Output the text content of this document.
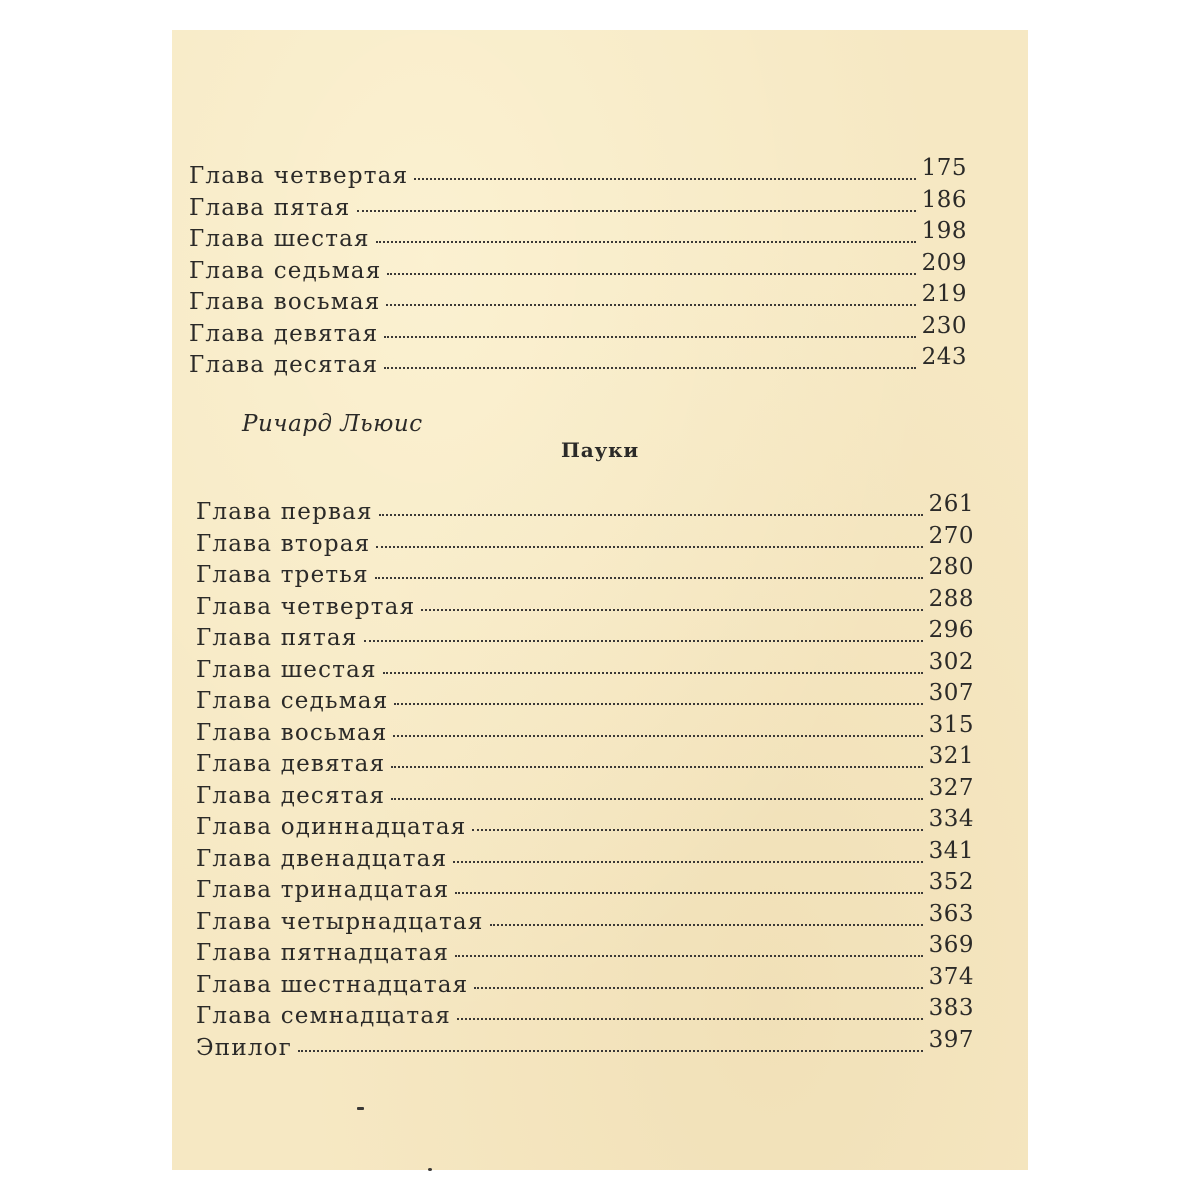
Глава четвертая	175
Глава пятая	186
Глава шестая	198
Глава седьмая	209
Глава восьмая	219
Глава девятая	230
Глава десятая	243
Ричард Льюис
Пауки
Глава первая	261
Глава вторая	270
Глава третья	280
Глава четвертая	288
Глава пятая	296
Глава шестая	302
Глава седьмая	307
Глава восьмая	315
Глава девятая	321
Глава десятая	327
Глава одиннадцатая	334
Глава двенадцатая	341
Глава тринадцатая	352
Глава четырнадцатая	363
Глава пятнадцатая	369
Глава шестнадцатая	374
Глава семнадцатая	383
Эпилог	397
